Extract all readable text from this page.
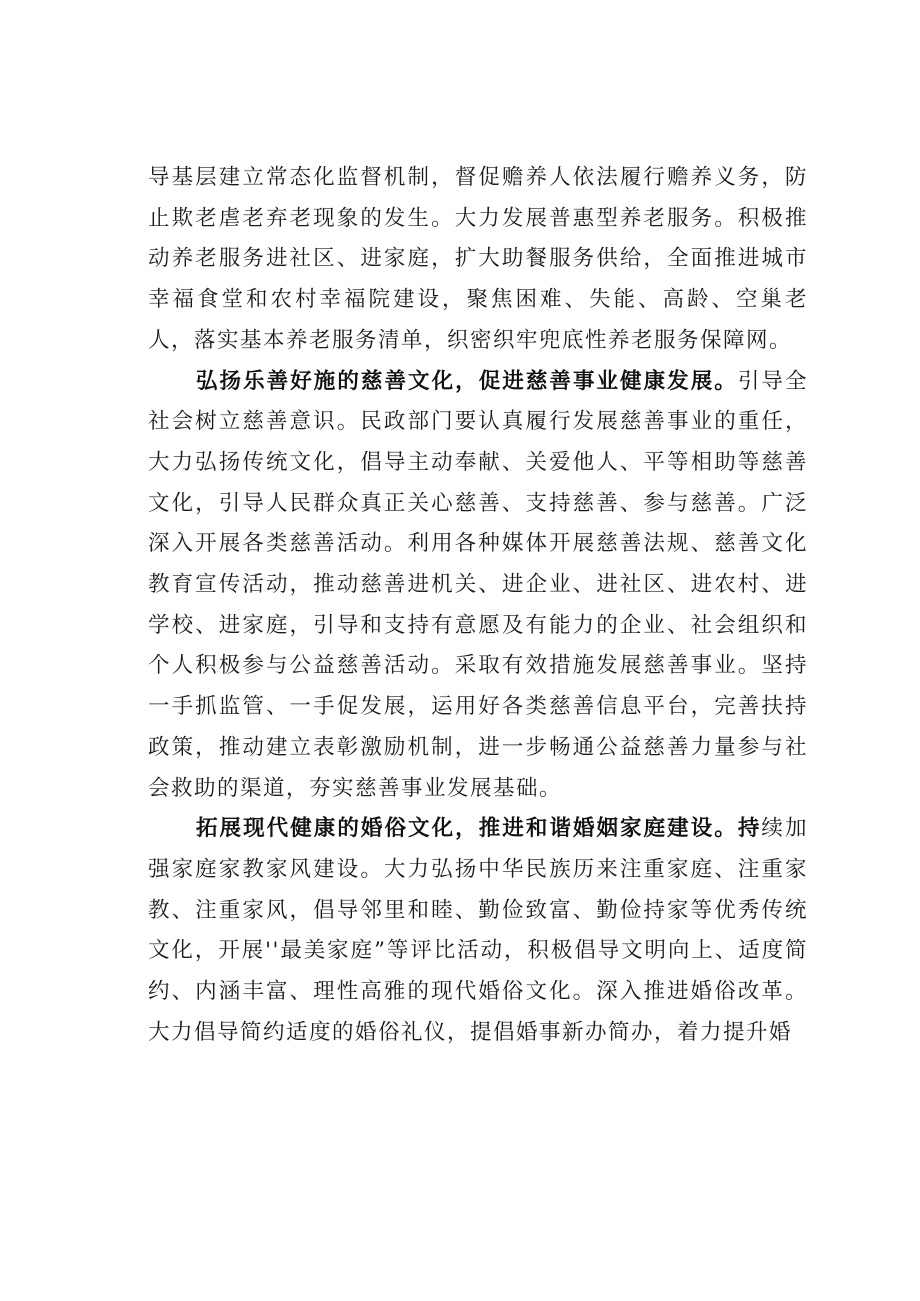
导基层建立常态化监督机制，督促赡养人依法履行赡养义务，防止欺老虐老弃老现象的发生。大力发展普惠型养老服务。积极推动养老服务进社区、进家庭，扩大助餐服务供给，全面推进城市幸福食堂和农村幸福院建设，聚焦困难、失能、高龄、空巢老人，落实基本养老服务清单，织密织牢兜底性养老服务保障网。

弘扬乐善好施的慈善文化，促进慈善事业健康发展。引导全社会树立慈善意识。民政部门要认真履行发展慈善事业的重任，大力弘扬传统文化，倡导主动奉献、关爱他人、平等相助等慈善文化，引导人民群众真正关心慈善、支持慈善、参与慈善。广泛深入开展各类慈善活动。利用各种媒体开展慈善法规、慈善文化教育宣传活动，推动慈善进机关、进企业、进社区、进农村、进学校、进家庭，引导和支持有意愿及有能力的企业、社会组织和个人积极参与公益慈善活动。采取有效措施发展慈善事业。坚持一手抓监管、一手促发展，运用好各类慈善信息平台，完善扶持政策，推动建立表彰激励机制，进一步畅通公益慈善力量参与社会救助的渠道，夯实慈善事业发展基础。

拓展现代健康的婚俗文化，推进和谐婚姻家庭建设。持续加强家庭家教家风建设。大力弘扬中华民族历来注重家庭、注重家教、注重家风，倡导邻里和睦、勤俭致富、勤俭持家等优秀传统文化，开展''最美家庭”等评比活动，积极倡导文明向上、适度简约、内涵丰富、理性高雅的现代婚俗文化。深入推进婚俗改革。大力倡导简约适度的婚俗礼仪，提倡婚事新办简办，着力提升婚
